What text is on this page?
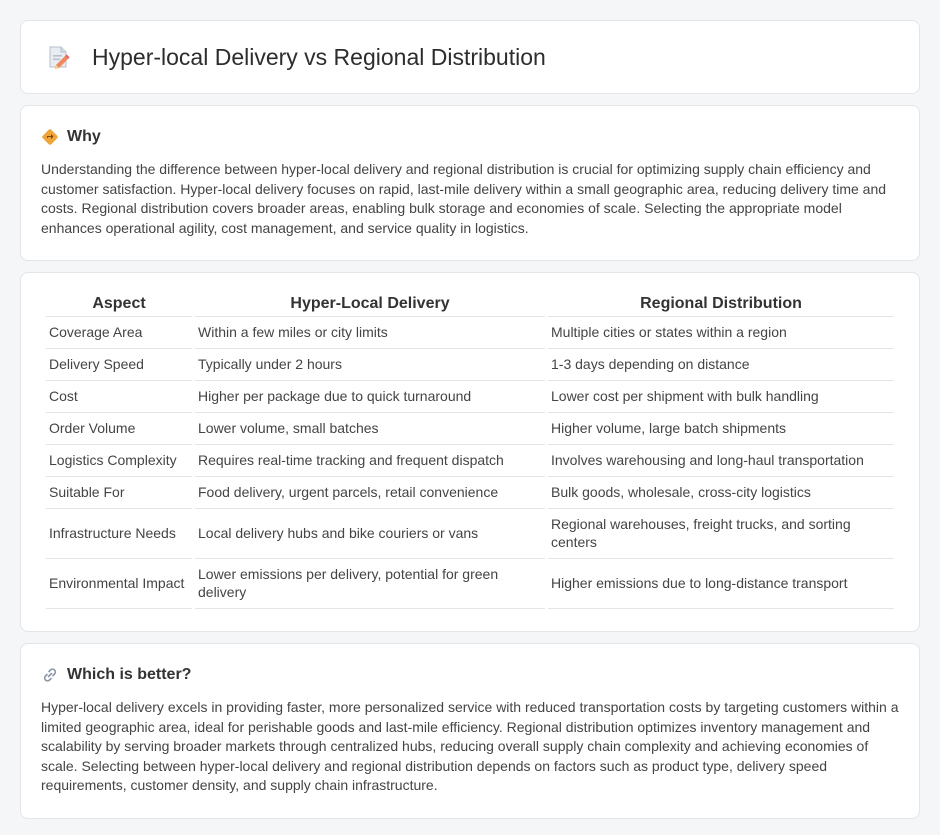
Hyper-local Delivery vs Regional Distribution
Why

Understanding the difference between hyper-local delivery and regional distribution is crucial for optimizing supply chain efficiency and customer satisfaction. Hyper-local delivery focuses on rapid, last-mile delivery within a small geographic area, reducing delivery time and costs. Regional distribution covers broader areas, enabling bulk storage and economies of scale. Selecting the appropriate model enhances operational agility, cost management, and service quality in logistics.

Aspect	Hyper-Local Delivery	Regional Distribution
Coverage Area	Within a few miles or city limits	Multiple cities or states within a region
Delivery Speed	Typically under 2 hours	1-3 days depending on distance
Cost	Higher per package due to quick turnaround	Lower cost per shipment with bulk handling
Order Volume	Lower volume, small batches	Higher volume, large batch shipments
Logistics Complexity	Requires real-time tracking and frequent dispatch	Involves warehousing and long-haul transportation
Suitable For	Food delivery, urgent parcels, retail convenience	Bulk goods, wholesale, cross-city logistics
Infrastructure Needs	Local delivery hubs and bike couriers or vans	Regional warehouses, freight trucks, and sorting centers
Environmental Impact	Lower emissions per delivery, potential for green delivery	Higher emissions due to long-distance transport
Which is better?

Hyper-local delivery excels in providing faster, more personalized service with reduced transportation costs by targeting customers within a limited geographic area, ideal for perishable goods and last-mile efficiency. Regional distribution optimizes inventory management and scalability by serving broader markets through centralized hubs, reducing overall supply chain complexity and achieving economies of scale. Selecting between hyper-local delivery and regional distribution depends on factors such as product type, delivery speed requirements, customer density, and supply chain infrastructure.
